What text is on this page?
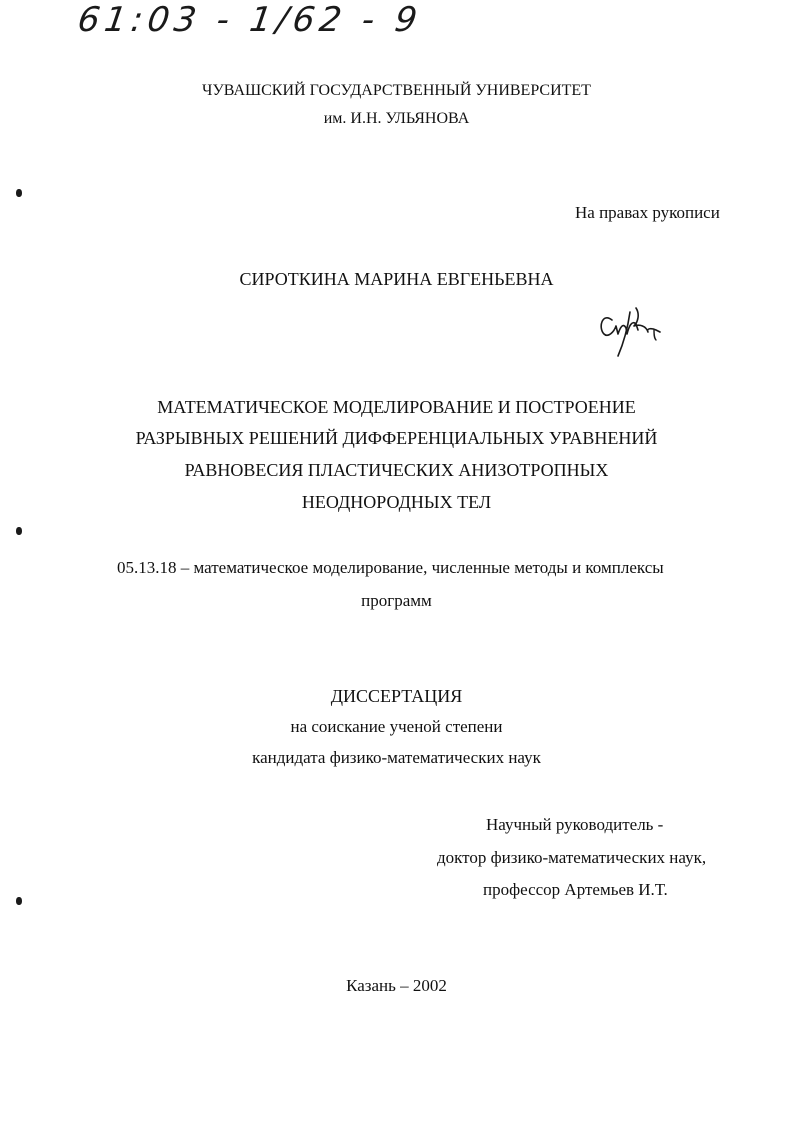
61:03 - 1/62 - 9
ЧУВАШСКИЙ ГОСУДАРСТВЕННЫЙ УНИВЕРСИТЕТ
им. И.Н. УЛЬЯНОВА
На правах рукописи
СИРОТКИНА МАРИНА ЕВГЕНЬЕВНА
МАТЕМАТИЧЕСКОЕ МОДЕЛИРОВАНИЕ И ПОСТРОЕНИЕ
РАЗРЫВНЫХ РЕШЕНИЙ ДИФФЕРЕНЦИАЛЬНЫХ УРАВНЕНИЙ
РАВНОВЕСИЯ ПЛАСТИЧЕСКИХ АНИЗОТРОПНЫХ
НЕОДНОРОДНЫХ ТЕЛ
05.13.18 – математическое моделирование, численные методы и комплексы
программ
ДИССЕРТАЦИЯ
на соискание ученой степени
кандидата физико-математических наук
Научный руководитель -
доктор физико-математических наук,
профессор Артемьев И.Т.
Казань – 2002
